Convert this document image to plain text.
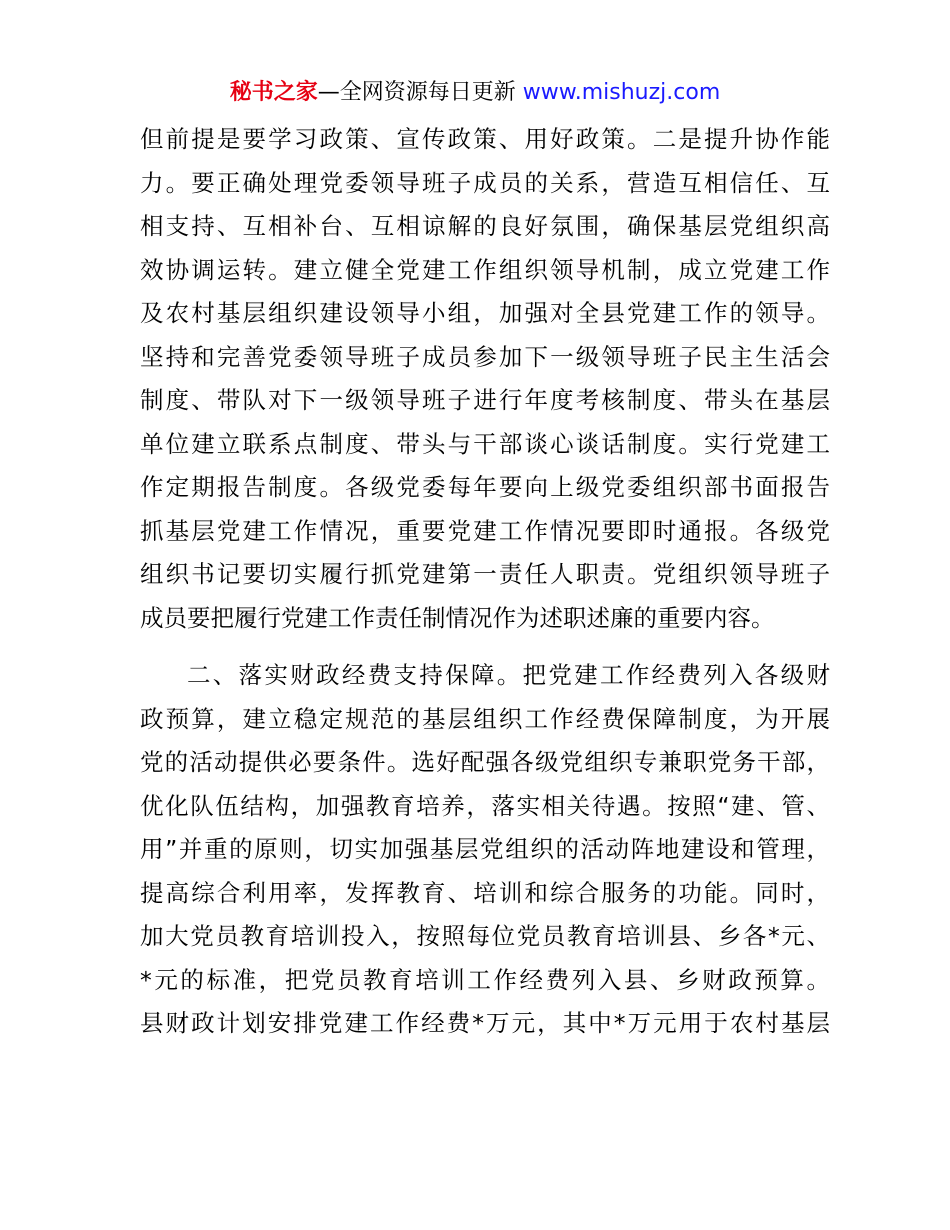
秘书之家—全网资源每日更新 www.mishuzj.com
但前提是要学习政策、宣传政策、用好政策。二是提升协作能
力。要正确处理党委领导班子成员的关系，营造互相信任、互
相支持、互相补台、互相谅解的良好氛围，确保基层党组织高
效协调运转。建立健全党建工作组织领导机制，成立党建工作
及农村基层组织建设领导小组，加强对全县党建工作的领导。
坚持和完善党委领导班子成员参加下一级领导班子民主生活会
制度、带队对下一级领导班子进行年度考核制度、带头在基层
单位建立联系点制度、带头与干部谈心谈话制度。实行党建工
作定期报告制度。各级党委每年要向上级党委组织部书面报告
抓基层党建工作情况，重要党建工作情况要即时通报。各级党
组织书记要切实履行抓党建第一责任人职责。党组织领导班子
成员要把履行党建工作责任制情况作为述职述廉的重要内容。
二、落实财政经费支持保障。把党建工作经费列入各级财
政预算，建立稳定规范的基层组织工作经费保障制度，为开展
党的活动提供必要条件。选好配强各级党组织专兼职党务干部，
优化队伍结构，加强教育培养，落实相关待遇。按照“建、管、
用”并重的原则，切实加强基层党组织的活动阵地建设和管理，
提高综合利用率，发挥教育、培训和综合服务的功能。同时，
加大党员教育培训投入，按照每位党员教育培训县、乡各*元、
*元的标准，把党员教育培训工作经费列入县、乡财政预算。
县财政计划安排党建工作经费*万元，其中*万元用于农村基层
